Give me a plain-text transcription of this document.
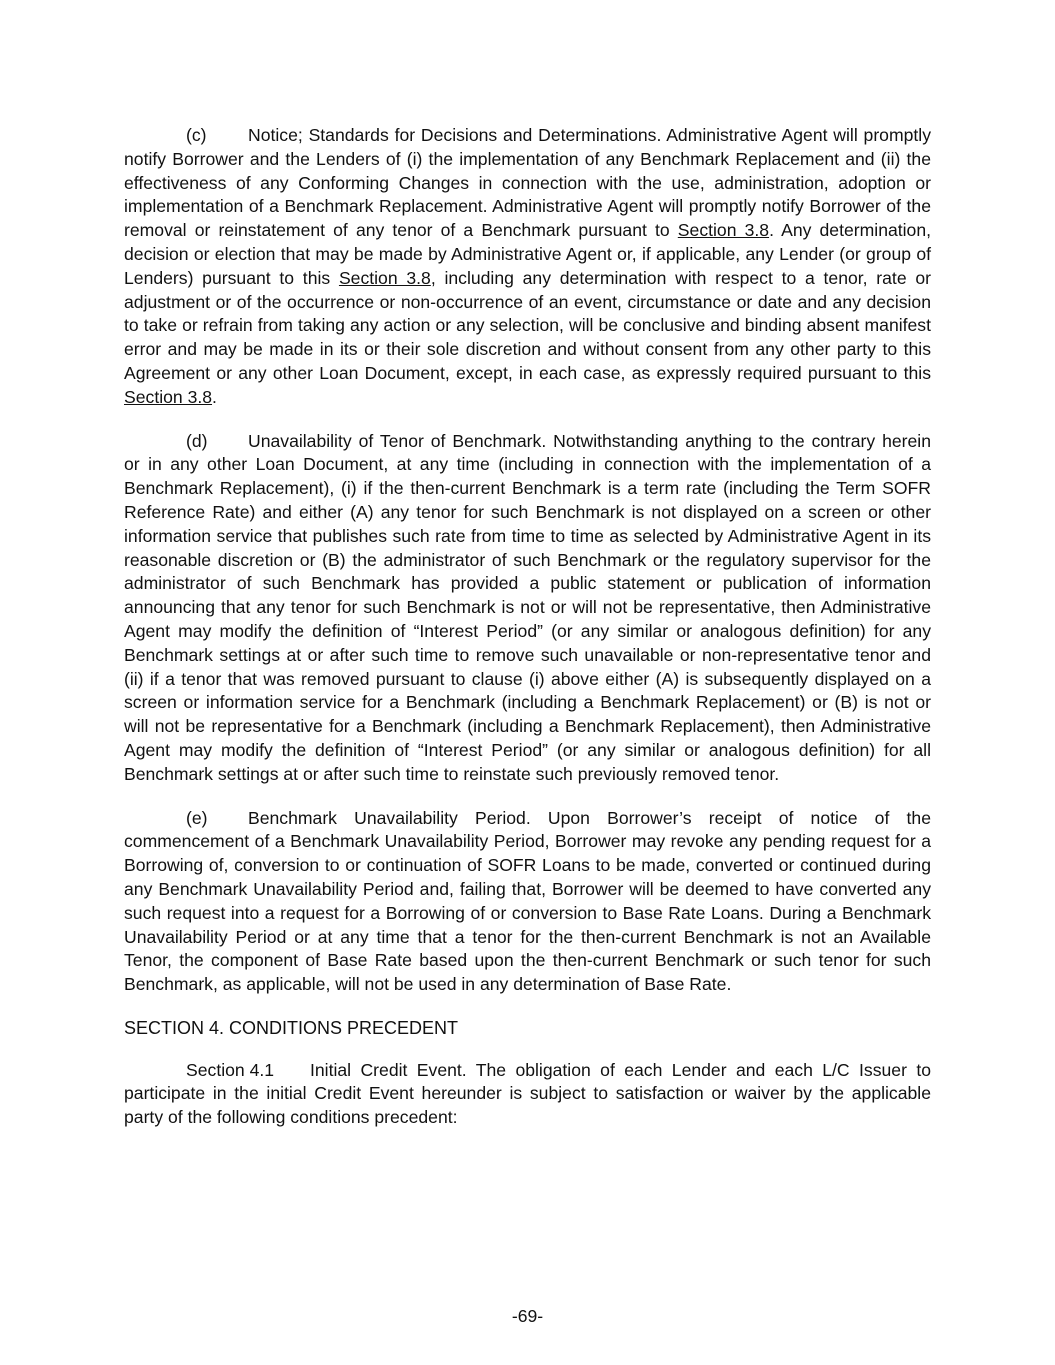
(c) Notice; Standards for Decisions and Determinations. Administrative Agent will promptly notify Borrower and the Lenders of (i) the implementation of any Benchmark Replacement and (ii) the effectiveness of any Conforming Changes in connection with the use, administration, adoption or implementation of a Benchmark Replacement. Administrative Agent will promptly notify Borrower of the removal or reinstatement of any tenor of a Benchmark pursuant to Section 3.8. Any determination, decision or election that may be made by Administrative Agent or, if applicable, any Lender (or group of Lenders) pursuant to this Section 3.8, including any determination with respect to a tenor, rate or adjustment or of the occurrence or non-occurrence of an event, circumstance or date and any decision to take or refrain from taking any action or any selection, will be conclusive and binding absent manifest error and may be made in its or their sole discretion and without consent from any other party to this Agreement or any other Loan Document, except, in each case, as expressly required pursuant to this Section 3.8.

(d) Unavailability of Tenor of Benchmark. Notwithstanding anything to the contrary herein or in any other Loan Document, at any time (including in connection with the implementation of a Benchmark Replacement), (i) if the then-current Benchmark is a term rate (including the Term SOFR Reference Rate) and either (A) any tenor for such Benchmark is not displayed on a screen or other information service that publishes such rate from time to time as selected by Administrative Agent in its reasonable discretion or (B) the administrator of such Benchmark or the regulatory supervisor for the administrator of such Benchmark has provided a public statement or publication of information announcing that any tenor for such Benchmark is not or will not be representative, then Administrative Agent may modify the definition of “Interest Period” (or any similar or analogous definition) for any Benchmark settings at or after such time to remove such unavailable or non-representative tenor and (ii) if a tenor that was removed pursuant to clause (i) above either (A) is subsequently displayed on a screen or information service for a Benchmark (including a Benchmark Replacement) or (B) is not or will not be representative for a Benchmark (including a Benchmark Replacement), then Administrative Agent may modify the definition of “Interest Period” (or any similar or analogous definition) for all Benchmark settings at or after such time to reinstate such previously removed tenor.

(e) Benchmark Unavailability Period. Upon Borrower’s receipt of notice of the commencement of a Benchmark Unavailability Period, Borrower may revoke any pending request for a Borrowing of, conversion to or continuation of SOFR Loans to be made, converted or continued during any Benchmark Unavailability Period and, failing that, Borrower will be deemed to have converted any such request into a request for a Borrowing of or conversion to Base Rate Loans. During a Benchmark Unavailability Period or at any time that a tenor for the then-current Benchmark is not an Available Tenor, the component of Base Rate based upon the then-current Benchmark or such tenor for such Benchmark, as applicable, will not be used in any determination of Base Rate.

SECTION 4. CONDITIONS PRECEDENT

Section 4.1 Initial Credit Event. The obligation of each Lender and each L/C Issuer to participate in the initial Credit Event hereunder is subject to satisfaction or waiver by the applicable party of the following conditions precedent:

-69-
